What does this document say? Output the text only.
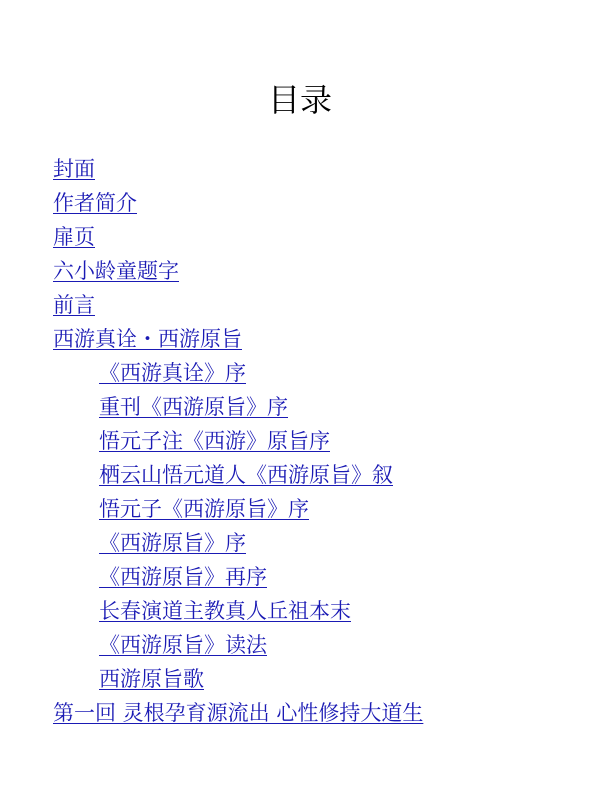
目录
封面
作者简介
扉页
六小龄童题字
前言
西游真诠・西游原旨
《西游真诠》序
重刊《西游原旨》序
悟元子注《西游》原旨序
栖云山悟元道人《西游原旨》叙
悟元子《西游原旨》序
《西游原旨》序
《西游原旨》再序
长春演道主教真人丘祖本末
《西游原旨》读法
西游原旨歌
第一回 灵根孕育源流出 心性修持大道生
